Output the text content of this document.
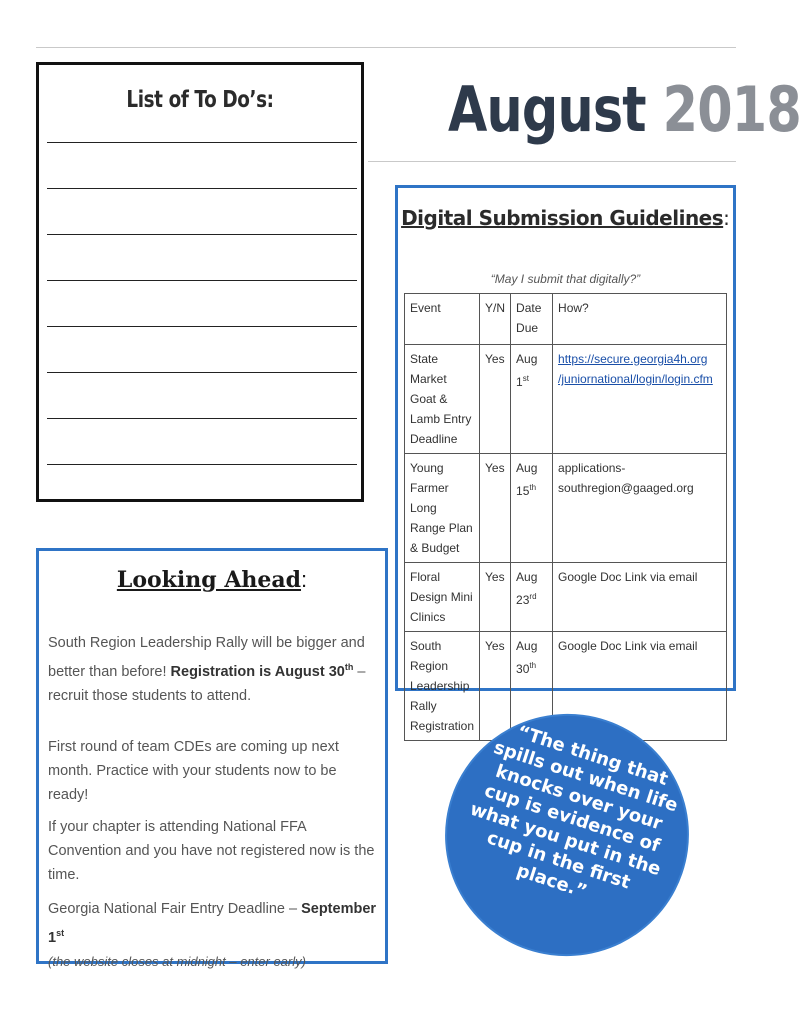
List of To Do’s:	August 2018
Digital Submission Guidelines:
“May I submit that digitally?”
Event	Y/N	Date Due	How?
State Market Goat & Lamb Entry Deadline	Yes	Aug 1st	https://secure.georgia4h.org /juniornational/login/login.cfm
Young Farmer Long Range Plan & Budget	Yes	Aug 15th	applications-southregion@gaaged.org
Floral Design Mini Clinics	Yes	Aug 23rd	Google Doc Link via email
South Region Leadership Rally Registration	Yes	Aug 30th	Google Doc Link via email
Looking Ahead:
South Region Leadership Rally will be bigger and better than before! Registration is August 30th – recruit those students to attend.
First round of team CDEs are coming up next month. Practice with your students now to be ready!
If your chapter is attending National FFA Convention and you have not registered now is the time.
Georgia National Fair Entry Deadline – September 1st
(the website closes at midnight – enter early)
“The thing that spills out when life knocks over your cup is evidence of what you put in the cup in the first place.”
